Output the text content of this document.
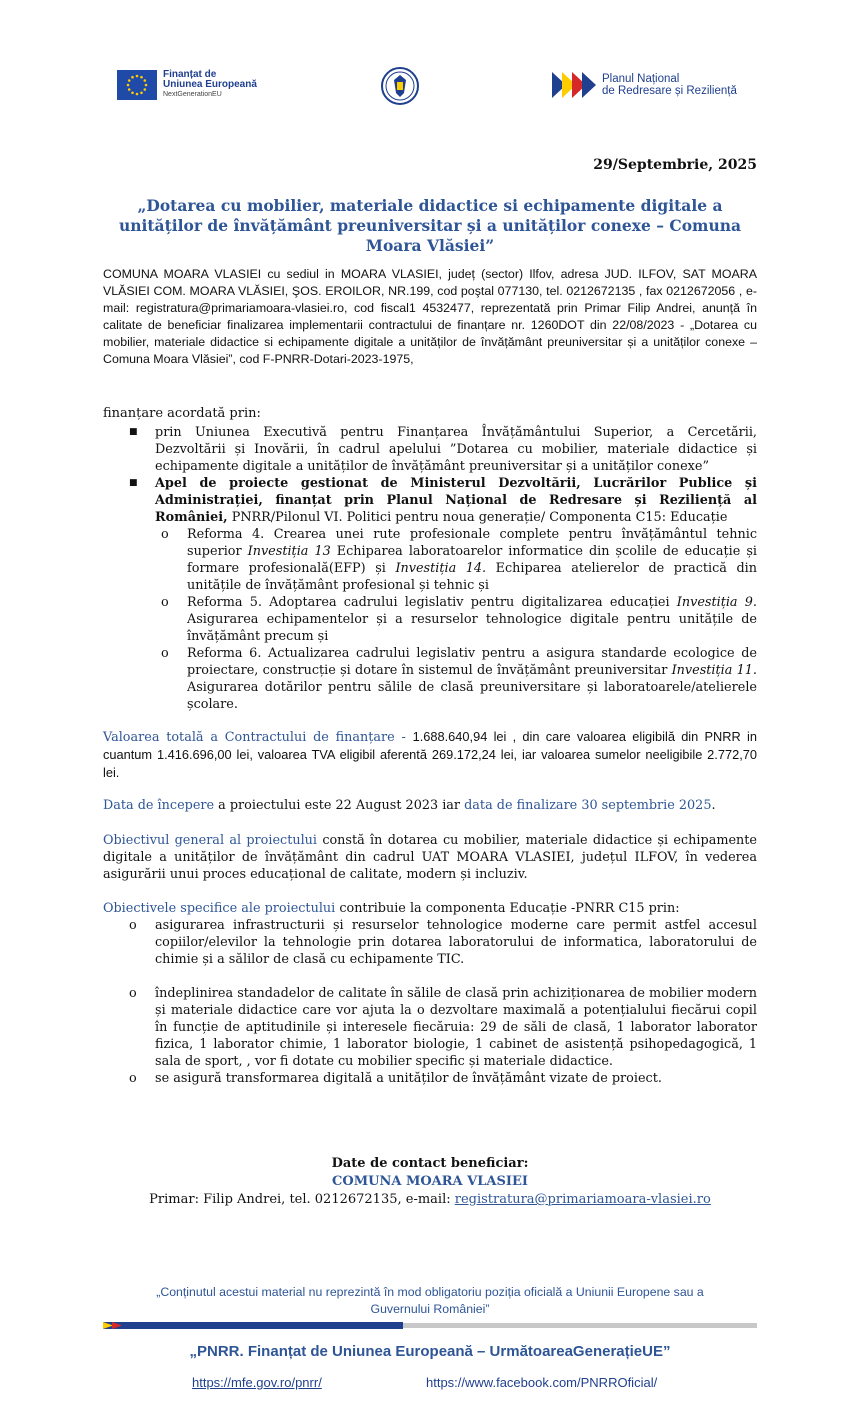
Finanțat de
Uniunea Europeană
NextGenerationEU
Planul Național
de Redresare și Reziliență
29/Septembrie, 2025
„Dotarea cu mobilier, materiale didactice si echipamente digitale a unităților de învățământ preuniversitar și a unităților conexe – Comuna Moara Vlăsiei”
COMUNA MOARA VLASIEI cu sediul in MOARA VLASIEI, județ (sector) Ilfov, adresa JUD. ILFOV, SAT MOARA VLĂSIEI COM. MOARA VLĂSIEI, ŞOS. EROILOR, NR.199, cod poştal 077130, tel. 0212672135 , fax 0212672056 , e-mail: registratura@primariamoara-vlasiei.ro, cod fiscal1 4532477, reprezentată prin Primar Filip Andrei, anunță în calitate de beneficiar finalizarea implementarii contractului de finanțare nr. 1260DOT din 22/08/2023 - „Dotarea cu mobilier, materiale didactice si echipamente digitale a unităților de învățământ preuniversitar și a unităților conexe – Comuna Moara Vlăsiei”, cod F-PNRR-Dotari-2023-1975,
finanțare acordată prin:
■ prin Uniunea Executivă pentru Finanțarea Învățământului Superior, a Cercetării, Dezvoltării și Inovării, în cadrul apelului ”Dotarea cu mobilier, materiale didactice și echipamente digitale a unităților de învățământ preuniversitar și a unităților conexe”
■ Apel de proiecte gestionat de Ministerul Dezvoltării, Lucrărilor Publice și Administrației, finanțat prin Planul Național de Redresare și Reziliență al României, PNRR/Pilonul VI. Politici pentru noua generație/ Componenta C15: Educație
o Reforma 4. Crearea unei rute profesionale complete pentru învățământul tehnic superior Investiția 13 Echiparea laboratoarelor informatice din școlile de educație și formare profesională(EFP) și Investiția 14. Echiparea atelierelor de practică din unitățile de învățământ profesional și tehnic și
o Reforma 5. Adoptarea cadrului legislativ pentru digitalizarea educației Investiția 9. Asigurarea echipamentelor și a resurselor tehnologice digitale pentru unitățile de învățământ precum și
o Reforma 6. Actualizarea cadrului legislativ pentru a asigura standarde ecologice de proiectare, construcție și dotare în sistemul de învățământ preuniversitar Investiția 11. Asigurarea dotărilor pentru sălile de clasă preuniversitare și laboratoarele/atelierele școlare.
Valoarea totală a Contractului de finanțare - 1.688.640,94 lei , din care valoarea eligibilă din PNRR in cuantum 1.416.696,00 lei, valoarea TVA eligibil aferentă 269.172,24 lei, iar valoarea sumelor neeligibile 2.772,70 lei.
Data de începere a proiectului este 22 August 2023 iar data de finalizare 30 septembrie 2025.
Obiectivul general al proiectului constă în dotarea cu mobilier, materiale didactice și echipamente digitale a unităților de învățământ din cadrul UAT MOARA VLASIEI, județul ILFOV, în vederea asigurării unui proces educațional de calitate, modern și incluziv.
Obiectivele specifice ale proiectului contribuie la componenta Educație -PNRR C15 prin:
o asigurarea infrastructurii și resurselor tehnologice moderne care permit astfel accesul copiilor/elevilor la tehnologie prin dotarea laboratorului de informatica, laboratorului de chimie și a sălilor de clasă cu echipamente TIC.
o îndeplinirea standadelor de calitate în sălile de clasă prin achiziționarea de mobilier modern și materiale didactice care vor ajuta la o dezvoltare maximală a potențialului fiecărui copil în funcție de aptitudinile și interesele fiecăruia: 29 de săli de clasă, 1 laborator laborator fizica, 1 laborator chimie, 1 laborator biologie, 1 cabinet de asistență psihopedagogică, 1 sala de sport, , vor fi dotate cu mobilier specific și materiale didactice.
o se asigură transformarea digitală a unităților de învățământ vizate de proiect.
Date de contact beneficiar:
COMUNA MOARA VLASIEI
Primar: Filip Andrei, tel. 0212672135, e-mail: registratura@primariamoara-vlasiei.ro
„Conținutul acestui material nu reprezintă în mod obligatoriu poziția oficială a Uniunii Europene sau a Guvernului României”
„PNRR. Finanțat de Uniunea Europeană – UrmătoareaGenerațieUE”
https://mfe.gov.ro/pnrr/	https://www.facebook.com/PNRROficial/
